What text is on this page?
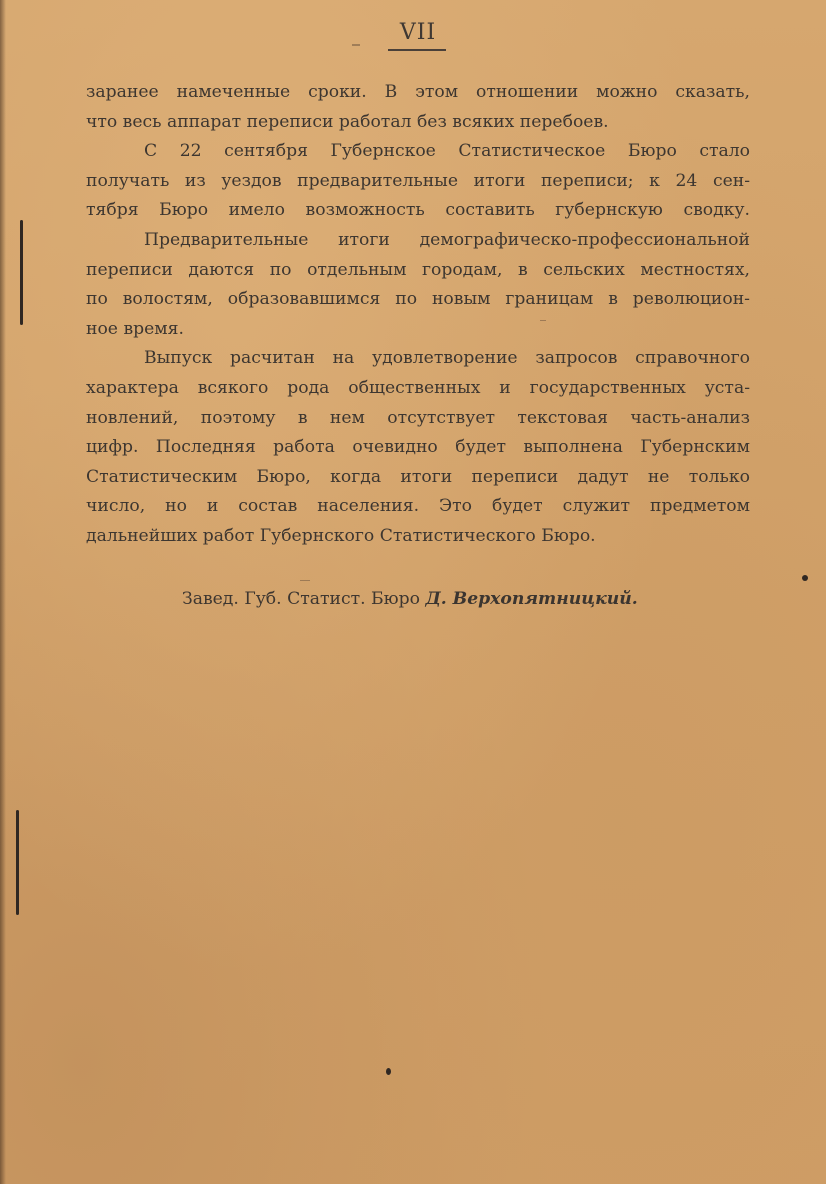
VII
заранее намеченные сроки. В этом отношении можно сказать,
что весь аппарат переписи работал без всяких перебоев.
С 22 сентября Губернское Статистическое Бюро стало
получать из уездов предварительные итоги переписи; к 24 сен-
тября Бюро имело возможность составить губернскую сводку.
Предварительные итоги демографическо-профессиональной
переписи даются по отдельным городам, в сельских местностях,
по волостям, образовавшимся по новым границам в революцион-
ное время.
Выпуск расчитан на удовлетворение запросов справочного
характера всякого рода общественных и государственных уста-
новлений, поэтому в нем отсутствует текстовая часть-анализ
цифр. Последняя работа очевидно будет выполнена Губернским
Статистическим Бюро, когда итоги переписи дадут не только
число, но и состав населения. Это будет служит предметом
дальнейших работ Губернского Статистического Бюро.
Завед. Губ. Статист. Бюро Д. Верхопятницкий.
